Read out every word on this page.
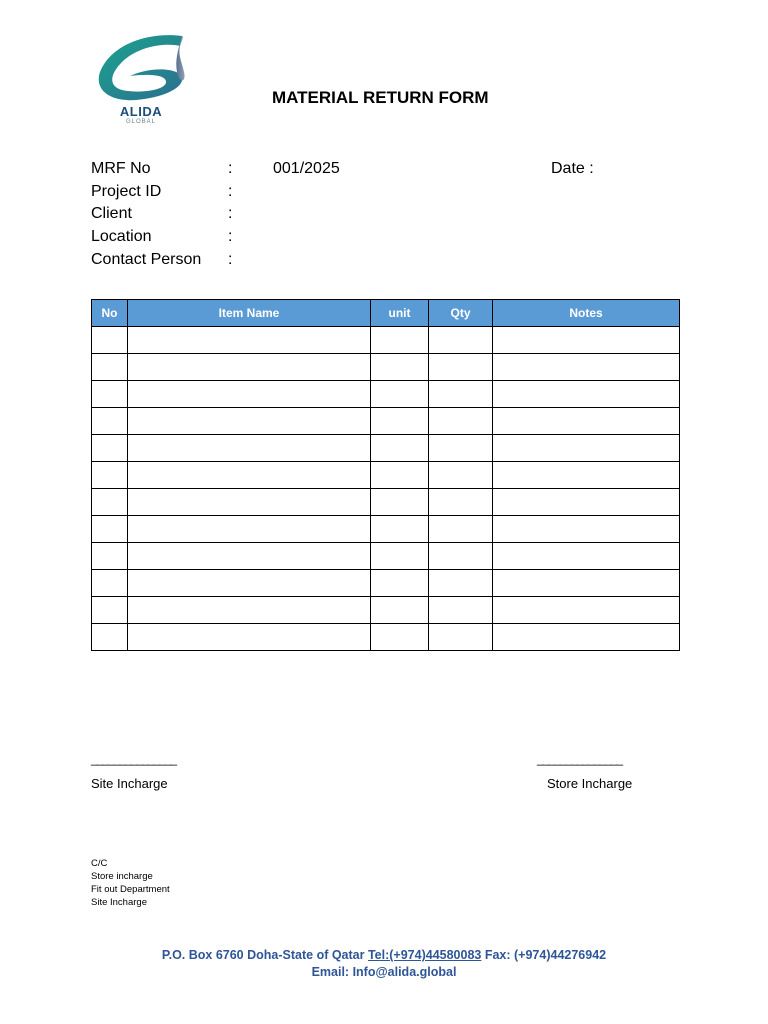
ALIDA
GLOBAL
MATERIAL RETURN FORM
MRF No	:	001/2025
Project ID	:
Client	:
Location	:
Contact Person :
Date :
No	Item Name	unit	Qty	Notes

_______________	_______________
Site Incharge	Store Incharge
C/C
Store incharge
Fit out Department
Site Incharge
P.O. Box 6760 Doha-State of Qatar Tel:(+974)44580083 Fax: (+974)44276942
Email: Info@alida.global
